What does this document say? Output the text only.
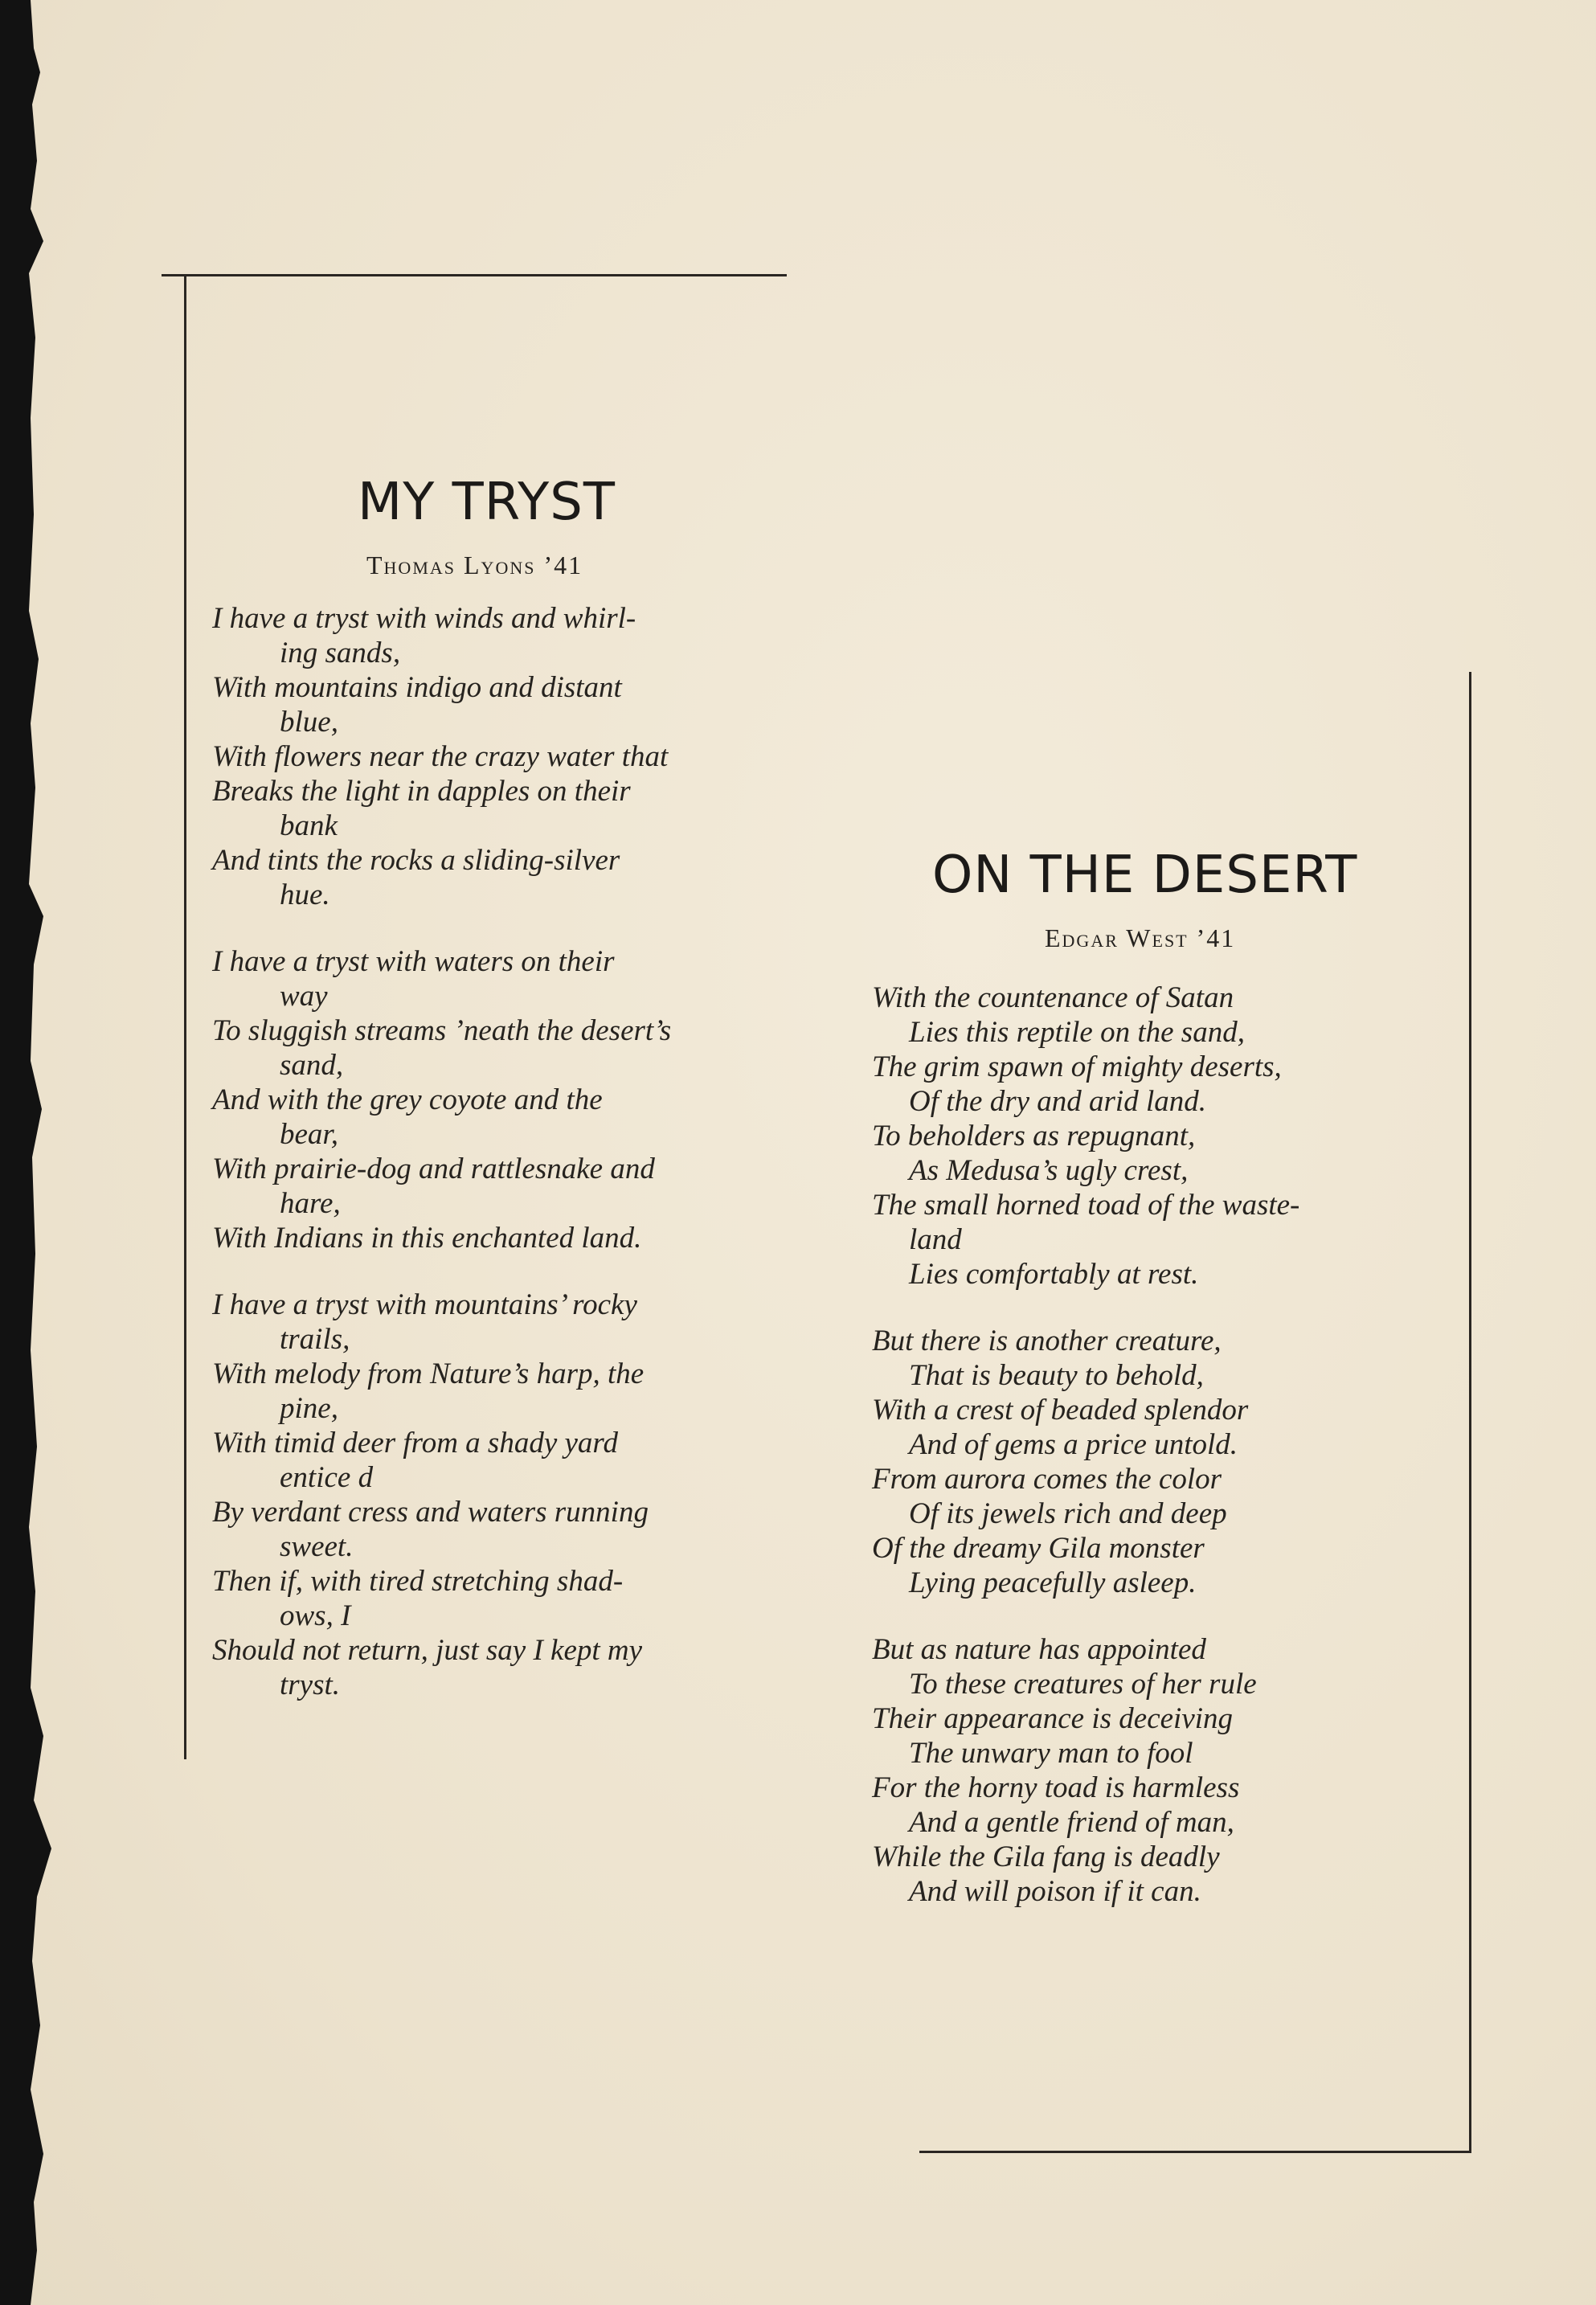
MY TRYST
Thomas Lyons ’41
I have a tryst with winds and whirl-
ing sands,
With mountains indigo and distant
blue,
With flowers near the crazy water that
Breaks the light in dapples on their
bank
And tints the rocks a sliding-silver
hue.
I have a tryst with waters on their
way
To sluggish streams ’neath the desert’s
sand,
And with the grey coyote and the
bear,
With prairie-dog and rattlesnake and
hare,
With Indians in this enchanted land.
I have a tryst with mountains’ rocky
trails,
With melody from Nature’s harp, the
pine,
With timid deer from a shady yard
entice d
By verdant cress and waters running
sweet.
Then if, with tired stretching shad-
ows, I
Should not return, just say I kept my
tryst.
ON THE DESERT
Edgar West ’41
With the countenance of Satan
Lies this reptile on the sand,
The grim spawn of mighty deserts,
Of the dry and arid land.
To beholders as repugnant,
As Medusa’s ugly crest,
The small horned toad of the waste-
land
Lies comfortably at rest.
But there is another creature,
That is beauty to behold,
With a crest of beaded splendor
And of gems a price untold.
From aurora comes the color
Of its jewels rich and deep
Of the dreamy Gila monster
Lying peacefully asleep.
But as nature has appointed
To these creatures of her rule
Their appearance is deceiving
The unwary man to fool
For the horny toad is harmless
And a gentle friend of man,
While the Gila fang is deadly
And will poison if it can.
